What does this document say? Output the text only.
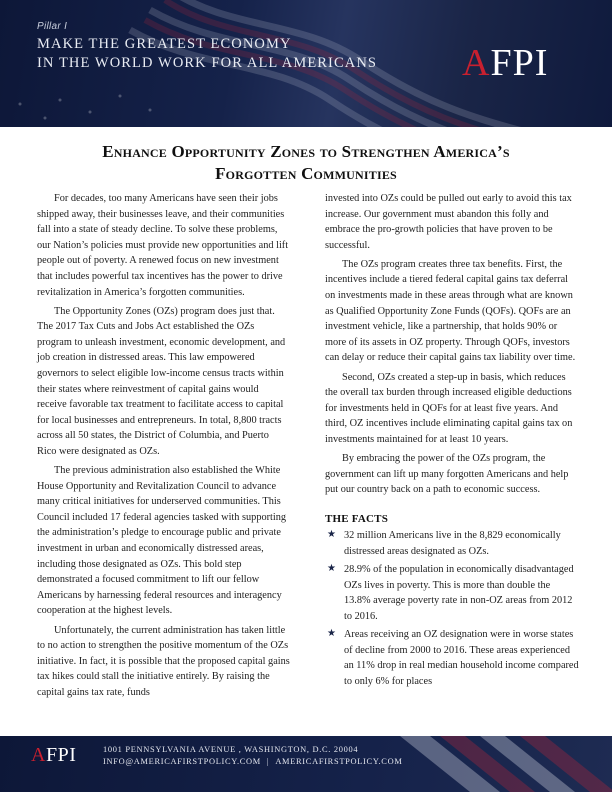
Pillar I
MAKE THE GREATEST ECONOMY
IN THE WORLD WORK FOR ALL AMERICANS AFPI
Enhance Opportunity Zones to Strengthen America’s
Forgotten Communities

For decades, too many Americans have seen their jobs shipped away, their businesses leave, and their communities fall into a state of steady decline. To solve these problems, our Nation’s policies must provide new opportunities and lift people out of poverty. A renewed focus on new investment that includes powerful tax incentives has the power to drive revitalization in America’s forgotten communities.

The Opportunity Zones (OZs) program does just that. The 2017 Tax Cuts and Jobs Act established the OZs program to unleash investment, economic development, and job creation in distressed areas. This law empowered governors to select eligible low-income census tracts within their states where reinvestment of capital gains would receive favorable tax treatment to facilitate access to capital for local businesses and entrepreneurs. In total, 8,800 tracts across all 50 states, the District of Columbia, and Puerto Rico were designated as OZs.

The previous administration also established the White House Opportunity and Revitalization Council to advance many critical initiatives for underserved communities. This Council included 17 federal agencies tasked with supporting the administration’s pledge to encourage public and private investment in urban and economically distressed areas, including those designated as OZs. This bold step demonstrated a focused commitment to lift our fellow Americans by harnessing federal resources and interagency cooperation at the highest levels.

Unfortunately, the current administration has taken little to no action to strengthen the positive momentum of the OZs initiative. In fact, it is possible that the proposed capital gains tax hikes could stall the initiative entirely. By raising the capital gains tax rate, funds

invested into OZs could be pulled out early to avoid this tax increase. Our government must abandon this folly and embrace the pro-growth policies that have proven to be successful.

The OZs program creates three tax benefits. First, the incentives include a tiered federal capital gains tax deferral on investments made in these areas through what are known as Qualified Opportunity Zone Funds (QOFs). QOFs are an investment vehicle, like a partnership, that holds 90% or more of its assets in OZ property. Through QOFs, investors can delay or reduce their capital gains tax liability over time.

Second, OZs created a step-up in basis, which reduces the overall tax burden through increased eligible deductions for investments held in QOFs for at least five years. And third, OZ incentives include eliminating capital gains tax on investments maintained for at least 10 years.

By embracing the power of the OZs program, the government can lift up many forgotten Americans and help put our country back on a path to economic success.

THE FACTS
★ 32 million Americans live in the 8,829 economically distressed areas designated as OZs.
★ 28.9% of the population in economically disadvantaged OZs lives in poverty. This is more than double the 13.8% average poverty rate in non-OZ areas from 2012 to 2016.
★ Areas receiving an OZ designation were in worse states of decline from 2000 to 2016. These areas experienced an 11% drop in real median household income compared to only 6% for places
AFPI	1001 PENNSYLVANIA AVENUE , WASHINGTON, D.C. 20004
INFO@AMERICAFIRSTPOLICY.COM | AMERICAFIRSTPOLICY.COM
